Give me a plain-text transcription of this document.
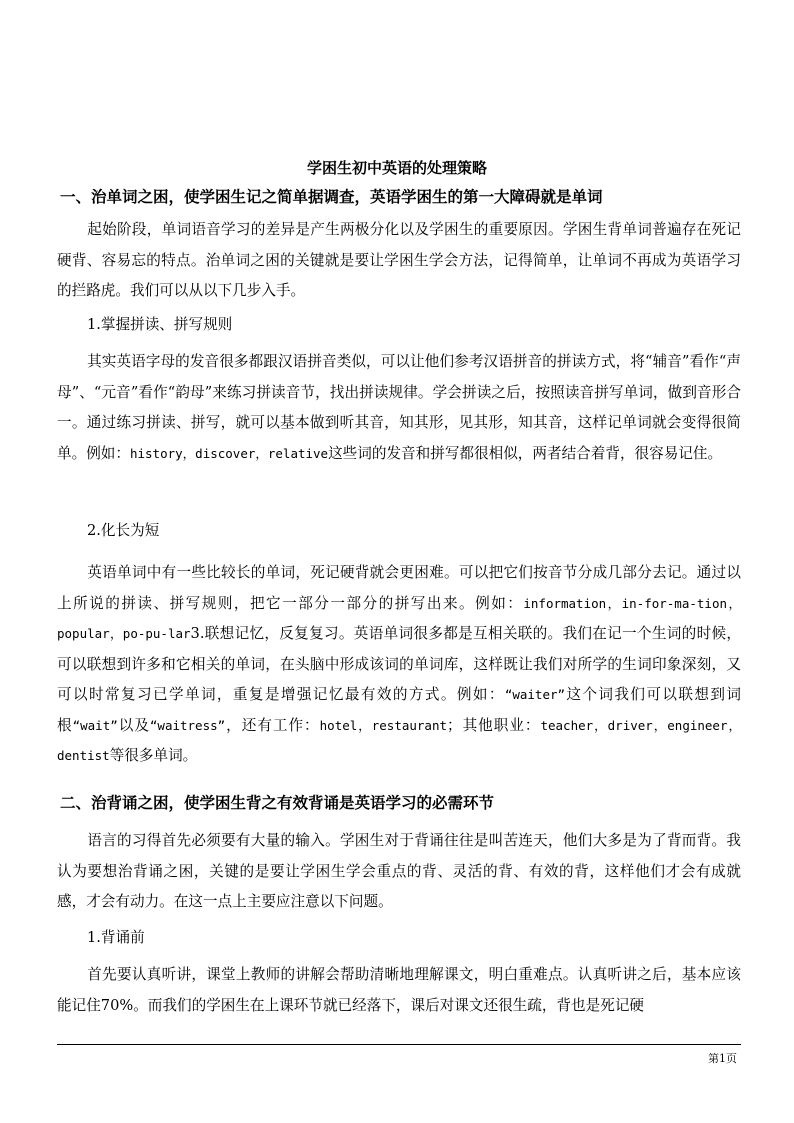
学困生初中英语的处理策略
一、治单词之困，使学困生记之简单据调查，英语学困生的第一大障碍就是单词

起始阶段，单词语音学习的差异是产生两极分化以及学困生的重要原因。学困生背单词普遍存在死记硬背、容易忘的特点。治单词之困的关键就是要让学困生学会方法，记得简单，让单词不再成为英语学习的拦路虎。我们可以从以下几步入手。

1.掌握拼读、拼写规则

其实英语字母的发音很多都跟汉语拼音类似，可以让他们参考汉语拼音的拼读方式，将“辅音”看作“声母”、“元音”看作“韵母”来练习拼读音节，找出拼读规律。学会拼读之后，按照读音拼写单词，做到音形合一。通过练习拼读、拼写，就可以基本做到听其音，知其形，见其形，知其音，这样记单词就会变得很简单。例如：history，discover，relative这些词的发音和拼写都很相似，两者结合着背，很容易记住。

2.化长为短

英语单词中有一些比较长的单词，死记硬背就会更困难。可以把它们按音节分成几部分去记。通过以上所说的拼读、拼写规则，把它一部分一部分的拼写出来。例如：information，in-for-ma-tion，popular，po-pu-lar3.联想记忆，反复复习。英语单词很多都是互相关联的。我们在记一个生词的时候，可以联想到许多和它相关的单词，在头脑中形成该词的单词库，这样既让我们对所学的生词印象深刻，又可以时常复习已学单词，重复是增强记忆最有效的方式。例如：“waiter”这个词我们可以联想到词根“wait”以及“waitress”，还有工作：hotel，restaurant；其他职业：teacher，driver，engineer，dentist等很多单词。

二、治背诵之困，使学困生背之有效背诵是英语学习的必需环节

语言的习得首先必须要有大量的输入。学困生对于背诵往往是叫苦连天，他们大多是为了背而背。我认为要想治背诵之困，关键的是要让学困生学会重点的背、灵活的背、有效的背，这样他们才会有成就感，才会有动力。在这一点上主要应注意以下问题。

1.背诵前

首先要认真听讲，课堂上教师的讲解会帮助清晰地理解课文，明白重难点。认真听讲之后，基本应该能记住70%。而我们的学困生在上课环节就已经落下，课后对课文还很生疏，背也是死记硬

第1页
